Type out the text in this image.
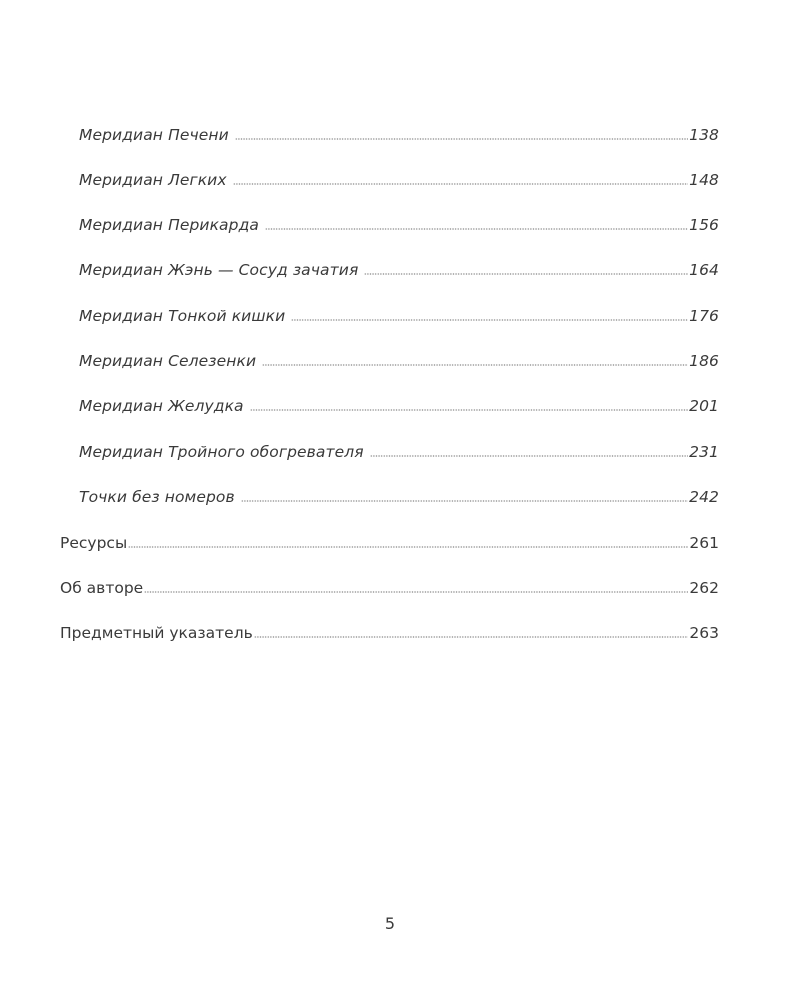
Меридиан Печени	138
Меридиан Легких	148
Меридиан Перикарда	156
Меридиан Жэнь — Сосуд зачатия	164
Меридиан Тонкой кишки	176
Меридиан Селезенки	186
Меридиан Желудка	201
Меридиан Тройного обогревателя	231
Точки без номеров	242
Ресурсы	261
Об авторе	262
Предметный указатель	263
5
